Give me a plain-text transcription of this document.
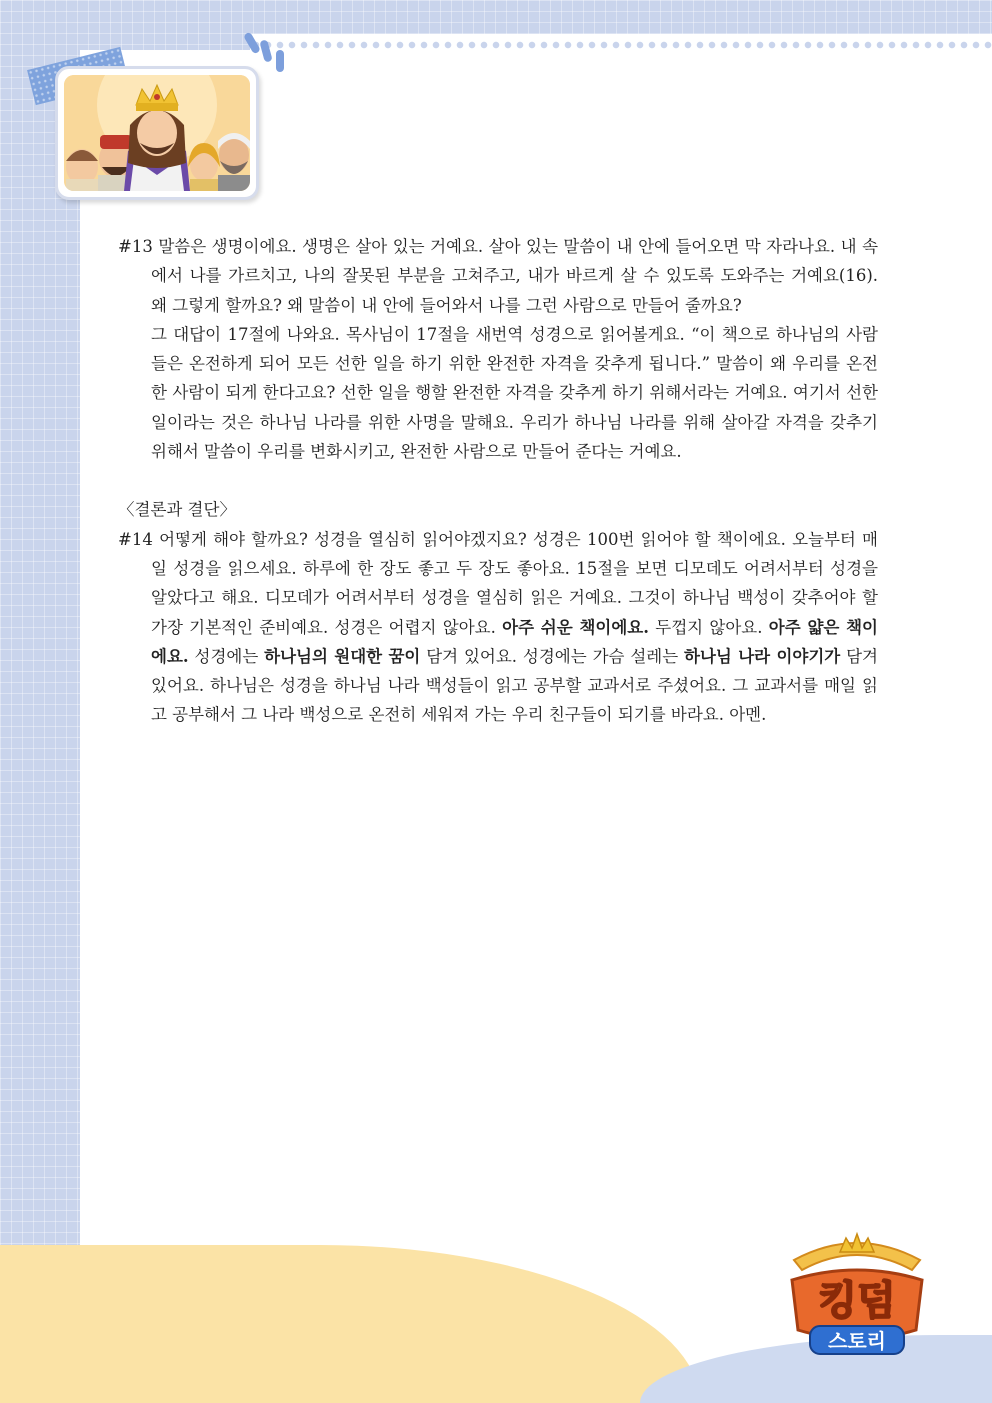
#13 말씀은 생명이에요. 생명은 살아 있는 거예요. 살아 있는 말씀이 내 안에 들어오면 막 자라나요. 내 속에서 나를 가르치고, 나의 잘못된 부분을 고쳐주고, 내가 바르게 살 수 있도록 도와주는 거예요(16). 왜 그렇게 할까요? 왜 말씀이 내 안에 들어와서 나를 그런 사람으로 만들어 줄까요?

그 대답이 17절에 나와요. 목사님이 17절을 새번역 성경으로 읽어볼게요. “이 책으로 하나님의 사람들은 온전하게 되어 모든 선한 일을 하기 위한 완전한 자격을 갖추게 됩니다.” 말씀이 왜 우리를 온전한 사람이 되게 한다고요? 선한 일을 행할 완전한 자격을 갖추게 하기 위해서라는 거예요. 여기서 선한 일이라는 것은 하나님 나라를 위한 사명을 말해요. 우리가 하나님 나라를 위해 살아갈 자격을 갖추기 위해서 말씀이 우리를 변화시키고, 완전한 사람으로 만들어 준다는 거예요.

〈결론과 결단〉

#14 어떻게 해야 할까요? 성경을 열심히 읽어야겠지요? 성경은 100번 읽어야 할 책이에요. 오늘부터 매일 성경을 읽으세요. 하루에 한 장도 좋고 두 장도 좋아요. 15절을 보면 디모데도 어려서부터 성경을 알았다고 해요. 디모데가 어려서부터 성경을 열심히 읽은 거예요. 그것이 하나님 백성이 갖추어야 할 가장 기본적인 준비예요. 성경은 어렵지 않아요. 아주 쉬운 책이에요. 두껍지 않아요. 아주 얇은 책이에요. 성경에는 하나님의 원대한 꿈이 담겨 있어요. 성경에는 가슴 설레는 하나님 나라 이야기가 담겨 있어요. 하나님은 성경을 하나님 나라 백성들이 읽고 공부할 교과서로 주셨어요. 그 교과서를 매일 읽고 공부해서 그 나라 백성으로 온전히 세워져 가는 우리 친구들이 되기를 바라요. 아멘.

킹덤
스토리
